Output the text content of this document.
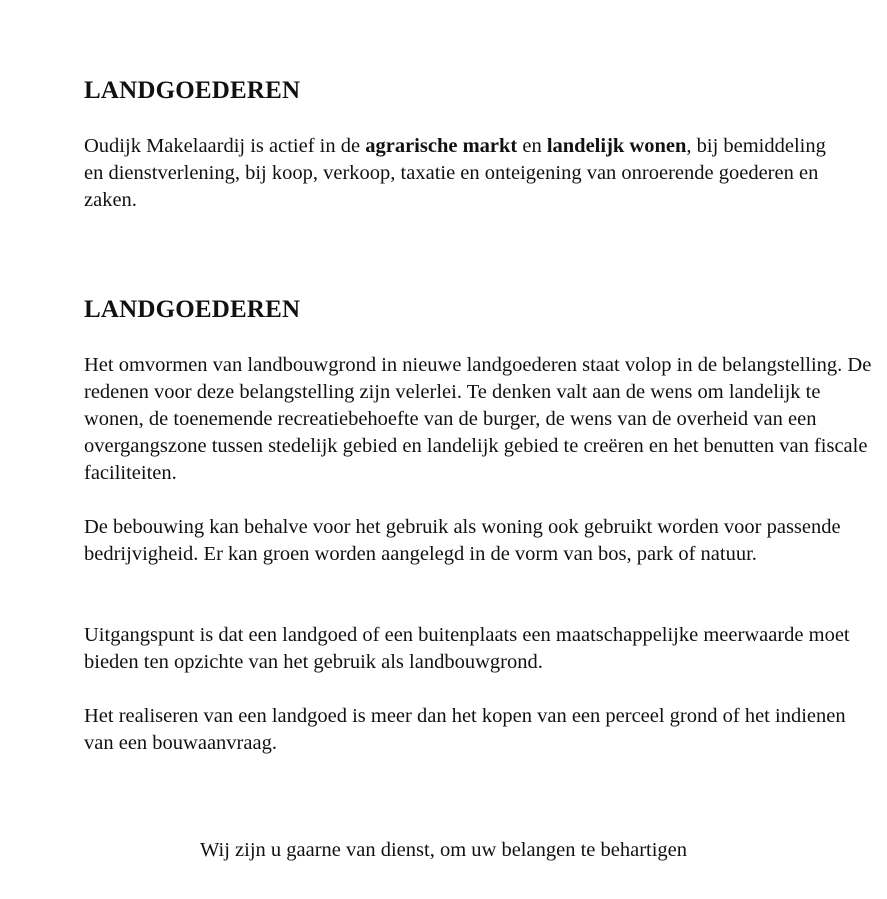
LANDGOEDEREN

Oudijk Makelaardij is actief in de agrarische markt en landelijk wonen, bij bemiddeling en dienstverlening, bij koop, verkoop, taxatie en onteigening van onroerende goederen en zaken.

LANDGOEDEREN

Het omvormen van landbouwgrond in nieuwe landgoederen staat volop in de belangstelling. De redenen voor deze belangstelling zijn velerlei. Te denken valt aan de wens om landelijk te wonen, de toenemende recreatiebehoefte van de burger, de wens van de overheid van een overgangszone tussen stedelijk gebied en landelijk gebied te creëren en het benutten van fiscale faciliteiten.

De bebouwing kan behalve voor het gebruik als woning ook gebruikt worden voor passende bedrijvigheid. Er kan groen worden aangelegd in de vorm van bos, park of natuur.

Uitgangspunt is dat een landgoed of een buitenplaats een maatschappelijke meerwaarde moet bieden ten opzichte van het gebruik als landbouwgrond.

Het realiseren van een landgoed is meer dan het kopen van een perceel grond of het indienen van een bouwaanvraag.

Wij zijn u gaarne van dienst, om uw belangen te behartigen
